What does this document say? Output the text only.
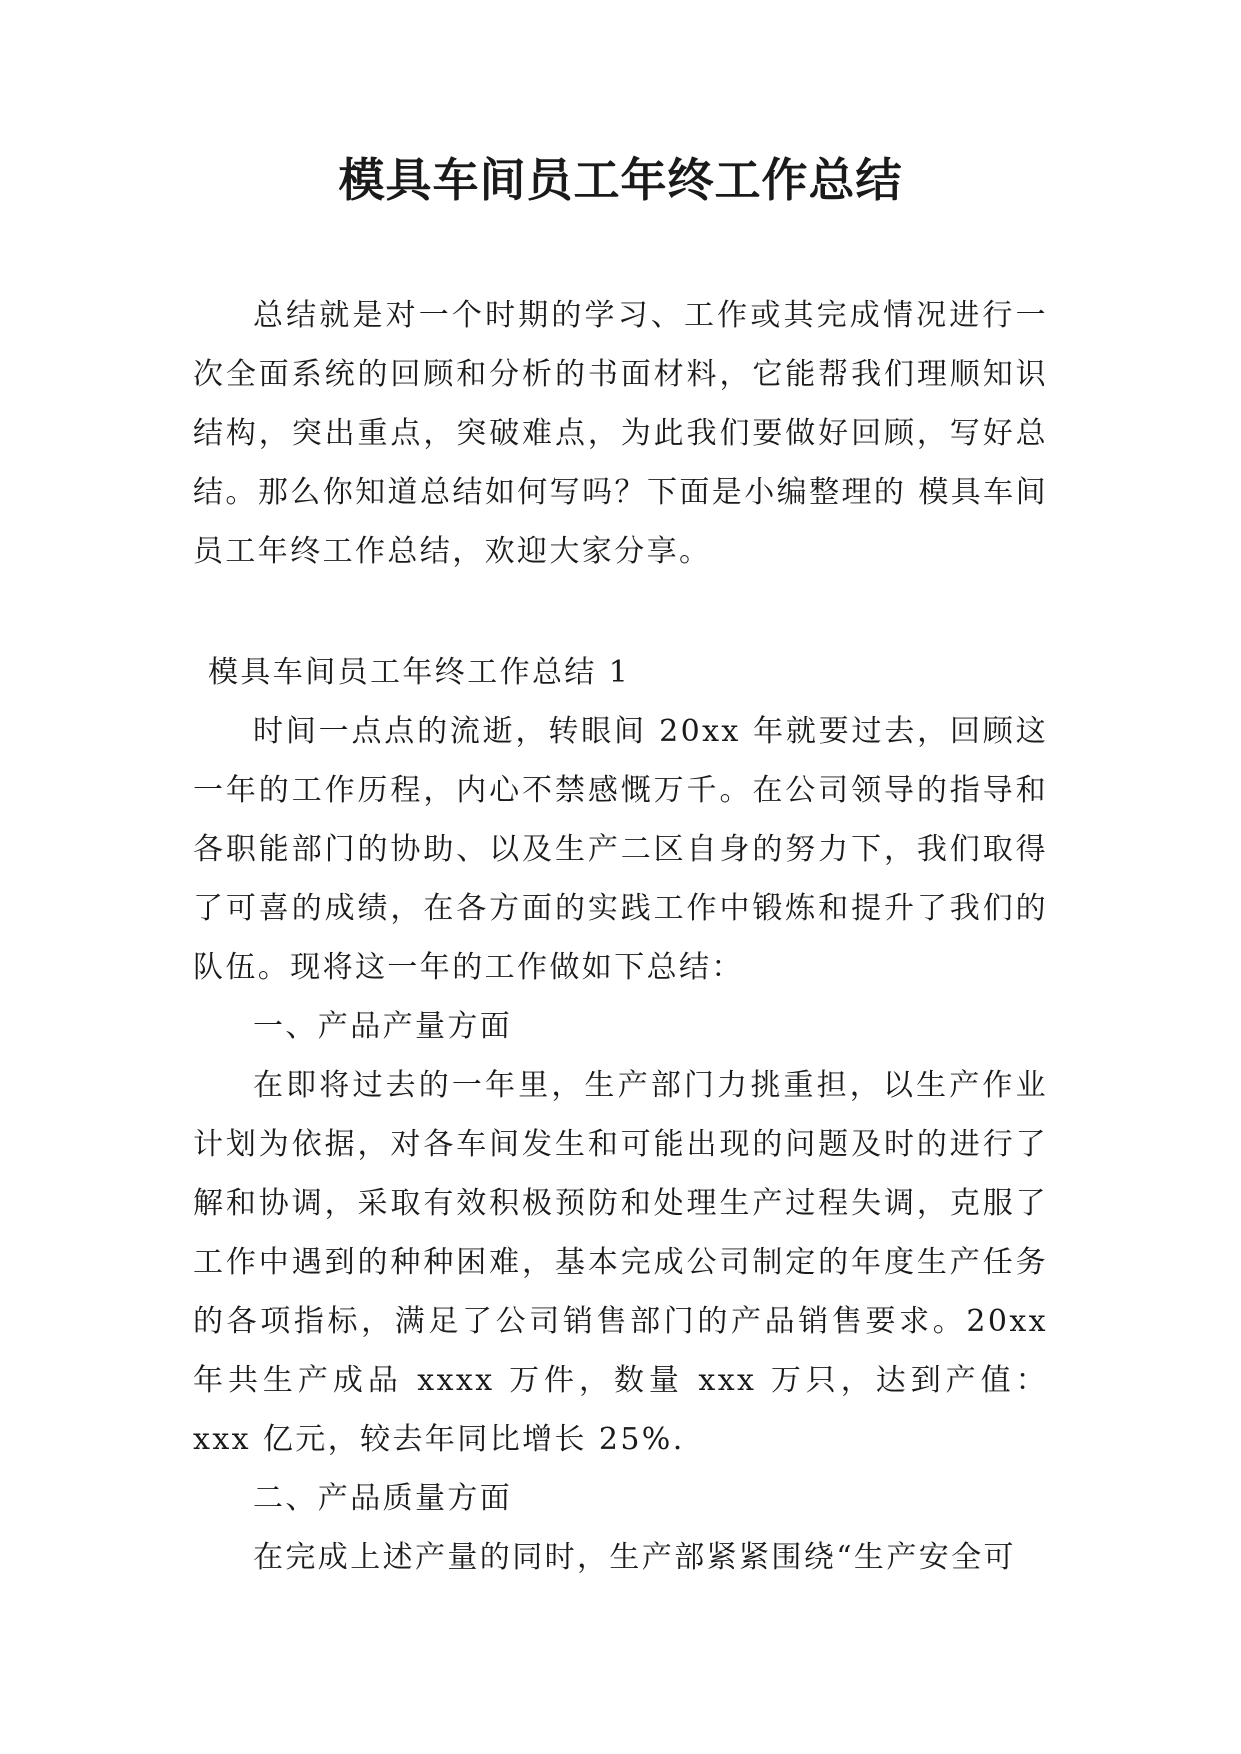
模具车间员工年终工作总结

总结就是对一个时期的学习、工作或其完成情况进行一次全面系统的回顾和分析的书面材料，它能帮我们理顺知识结构，突出重点，突破难点，为此我们要做好回顾，写好总结。那么你知道总结如何写吗？下面是小编整理的 模具车间员工年终工作总结，欢迎大家分享。

模具车间员工年终工作总结 1

时间一点点的流逝，转眼间 20xx 年就要过去，回顾这一年的工作历程，内心不禁感慨万千。在公司领导的指导和各职能部门的协助、以及生产二区自身的努力下，我们取得了可喜的成绩，在各方面的实践工作中锻炼和提升了我们的队伍。现将这一年的工作做如下总结：

一、产品产量方面

在即将过去的一年里，生产部门力挑重担，以生产作业计划为依据，对各车间发生和可能出现的问题及时的进行了解和协调，采取有效积极预防和处理生产过程失调，克服了工作中遇到的种种困难，基本完成公司制定的年度生产任务的各项指标，满足了公司销售部门的产品销售要求。20xx 年共生产成品 xxxx 万件，数量 xxx 万只，达到产值：xxx 亿元，较去年同比增长 25%.

二、产品质量方面

在完成上述产量的同时，生产部紧紧围绕“生产安全可
